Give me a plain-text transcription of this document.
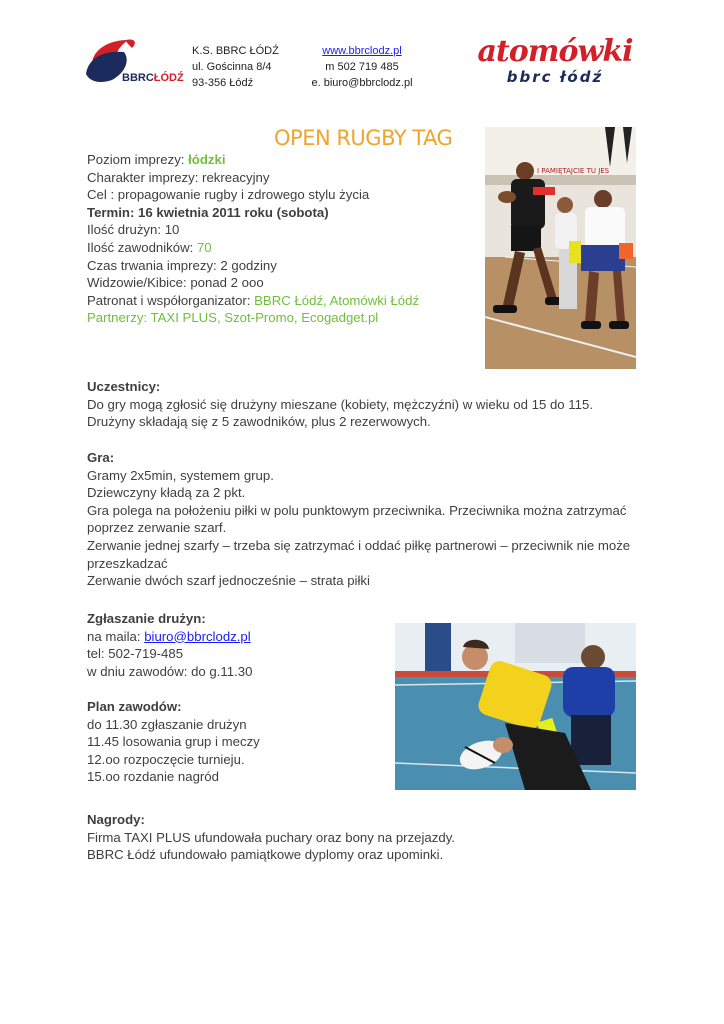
BBRCŁÓDŹ
K.S. BBRC ŁÓDŹ
ul. Gościnna 8/4
93-356 Łódź
www.bbrclodz.pl
m 502 719 485
e. biuro@bbrclodz.pl
atomówki
bbrc łódź
OPEN RUGBY TAG
Poziom imprezy: łódzki
Charakter imprezy: rekreacyjny
Cel : propagowanie rugby i zdrowego stylu życia
Termin: 16 kwietnia 2011 roku (sobota)
Ilość drużyn: 10
Ilość zawodników: 70
Czas trwania imprezy: 2 godziny
Widzowie/Kibice: ponad 2 ooo
Patronat i współorganizator: BBRC Łódź, Atomówki Łódź
Partnerzy: TAXI PLUS, Szot-Promo, Ecogadget.pl
I PAMIĘTAJCIE TU JES
Uczestnicy:
Do gry mogą zgłosić się drużyny mieszane (kobiety, mężczyźni) w wieku od 15 do 115.
Drużyny składają się z 5 zawodników, plus 2 rezerwowych.
Gra:
Gramy 2x5min, systemem grup.
Dziewczyny kładą za 2 pkt.
Gra polega na położeniu piłki w polu punktowym przeciwnika. Przeciwnika można zatrzymać
poprzez zerwanie szarf.
Zerwanie jednej szarfy – trzeba się zatrzymać i oddać piłkę partnerowi – przeciwnik nie może
przeszkadzać
Zerwanie dwóch szarf jednocześnie – strata piłki
Zgłaszanie drużyn:
na maila: biuro@bbrclodz.pl
tel: 502-719-485
w dniu zawodów: do g.11.30
Plan zawodów:
do 11.30 zgłaszanie drużyn
11.45 losowania grup i meczy
12.oo rozpoczęcie turnieju.
15.oo rozdanie nagród
Nagrody:
Firma TAXI PLUS ufundowała puchary oraz bony na przejazdy.
BBRC Łódź ufundowało pamiątkowe dyplomy oraz upominki.
